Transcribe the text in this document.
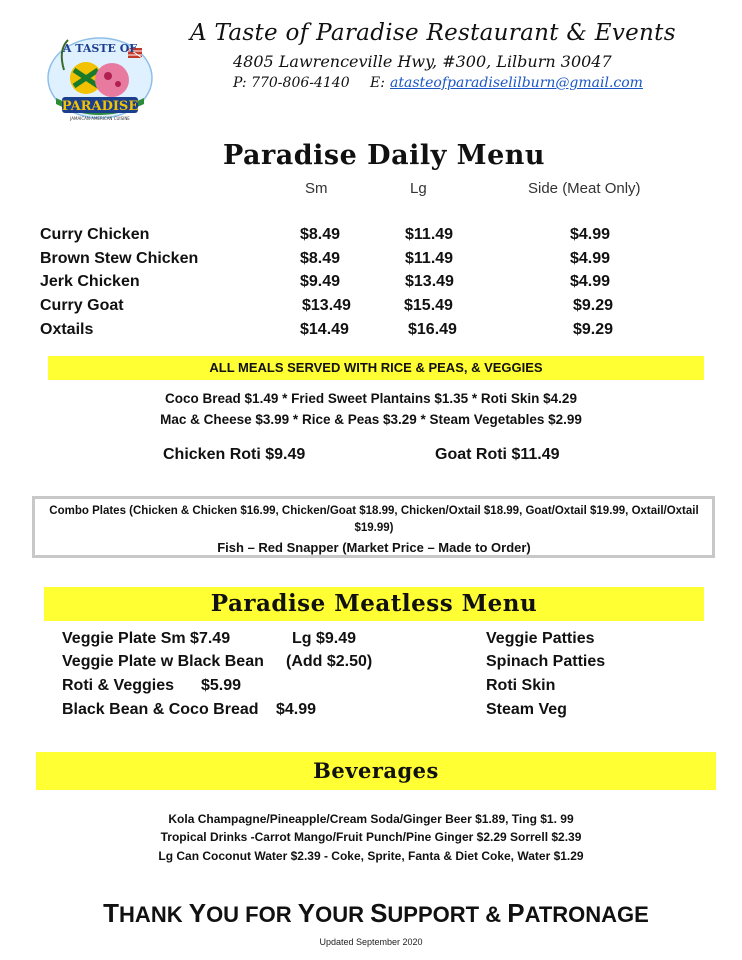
A TASTE OF
PARADISE
JAMAICAN-AMERICAN CUISINE
A Taste of Paradise Restaurant & Events
4805 Lawrenceville Hwy, #300, Lilburn 30047
P: 770-806-4140 E: atasteofparadiselilburn@gmail.com
Paradise Daily Menu
Sm	Lg	Side (Meat Only)
Curry Chicken	$8.49	$11.49	$4.99
Brown Stew Chicken	$8.49	$11.49	$4.99
Jerk Chicken	$9.49	$13.49	$4.99
Curry Goat	$13.49	$15.49	$9.29
Oxtails	$14.49	$16.49	$9.29
ALL MEALS SERVED WITH RICE & PEAS, & VEGGIES
Coco Bread $1.49 * Fried Sweet Plantains $1.35 * Roti Skin $4.29
Mac & Cheese $3.99 * Rice & Peas $3.29 * Steam Vegetables $2.99
Chicken Roti $9.49	Goat Roti $11.49
Combo Plates (Chicken & Chicken $16.99, Chicken/Goat $18.99, Chicken/Oxtail $18.99, Goat/Oxtail $19.99, Oxtail/Oxtail $19.99)
Fish – Red Snapper (Market Price – Made to Order)
Paradise Meatless Menu
Veggie Plate Sm $7.49	Lg $9.49
Veggie Plate w Black Bean (Add $2.50)
Roti & Veggies $5.99
Black Bean & Coco Bread $4.99
Veggie Patties
Spinach Patties
Roti Skin
Steam Veg
Beverages
Kola Champagne/Pineapple/Cream Soda/Ginger Beer $1.89, Ting $1. 99
Tropical Drinks -Carrot Mango/Fruit Punch/Pine Ginger $2.29 Sorrell $2.39
Lg Can Coconut Water $2.39 - Coke, Sprite, Fanta & Diet Coke, Water $1.29
THANK YOU FOR YOUR SUPPORT & PATRONAGE
Updated September 2020
